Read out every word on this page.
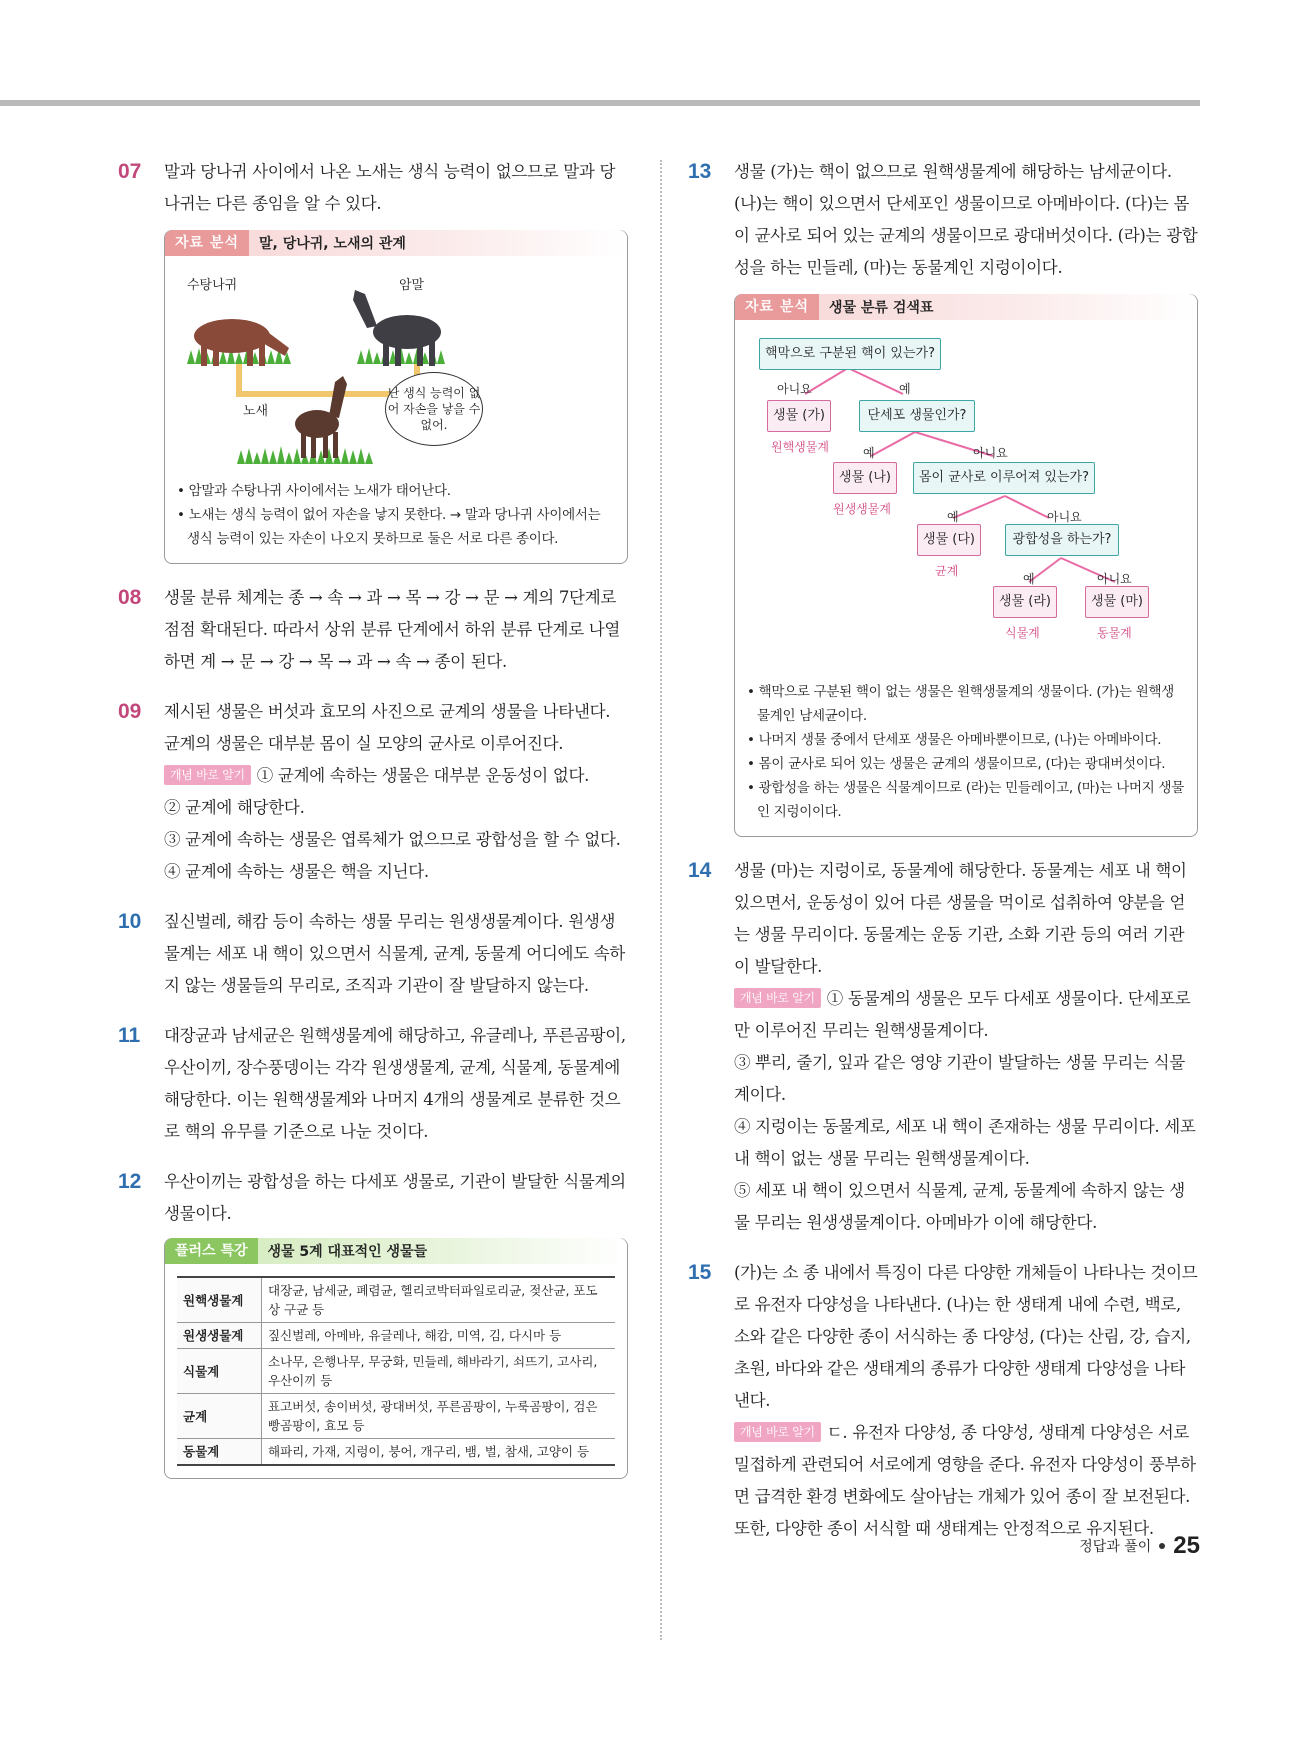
07 말과 당나귀 사이에서 나온 노새는 생식 능력이 없으므로 말과 당나귀는 다른 종임을 알 수 있다.
자료 분석	말, 당나귀, 노새의 관계
수탕나귀	암말
노새
난 생식 능력이 없어 자손을 낳을 수 없어.
• 암말과 수탕나귀 사이에서는 노새가 태어난다.
• 노새는 생식 능력이 없어 자손을 낳지 못한다. → 말과 당나귀 사이에서는 생식 능력이 있는 자손이 나오지 못하므로 둘은 서로 다른 종이다.
08 생물 분류 체계는 종 → 속 → 과 → 목 → 강 → 문 → 계의 7단계로 점점 확대된다. 따라서 상위 분류 단계에서 하위 분류 단계로 나열하면 계 → 문 → 강 → 목 → 과 → 속 → 종이 된다.
09 제시된 생물은 버섯과 효모의 사진으로 균계의 생물을 나타낸다. 균계의 생물은 대부분 몸이 실 모양의 균사로 이루어진다.
개념 바로 알기 ① 균계에 속하는 생물은 대부분 운동성이 없다.
② 균계에 해당한다.
③ 균계에 속하는 생물은 엽록체가 없으므로 광합성을 할 수 없다.
④ 균계에 속하는 생물은 핵을 지닌다.
10 짚신벌레, 해캄 등이 속하는 생물 무리는 원생생물계이다. 원생생물계는 세포 내 핵이 있으면서 식물계, 균계, 동물계 어디에도 속하지 않는 생물들의 무리로, 조직과 기관이 잘 발달하지 않는다.
11 대장균과 남세균은 원핵생물계에 해당하고, 유글레나, 푸른곰팡이, 우산이끼, 장수풍뎅이는 각각 원생생물계, 균계, 식물계, 동물계에 해당한다. 이는 원핵생물계와 나머지 4개의 생물계로 분류한 것으로 핵의 유무를 기준으로 나눈 것이다.
12 우산이끼는 광합성을 하는 다세포 생물로, 기관이 발달한 식물계의 생물이다.
플러스 특강	생물 5계 대표적인 생물들
원핵생물계	대장균, 남세균, 폐렴균, 헬리코박터파일로리균, 젖산균, 포도상 구균 등
원생생물계	짚신벌레, 아메바, 유글레나, 해캄, 미역, 김, 다시마 등
식물계	소나무, 은행나무, 무궁화, 민들레, 해바라기, 쇠뜨기, 고사리, 우산이끼 등
균계	표고버섯, 송이버섯, 광대버섯, 푸른곰팡이, 누룩곰팡이, 검은빵곰팡이, 효모 등
동물계	해파리, 가재, 지렁이, 붕어, 개구리, 뱀, 벌, 참새, 고양이 등
13 생물 (가)는 핵이 없으므로 원핵생물계에 해당하는 남세균이다. (나)는 핵이 있으면서 단세포인 생물이므로 아메바이다. (다)는 몸이 균사로 되어 있는 균계의 생물이므로 광대버섯이다. (라)는 광합성을 하는 민들레, (마)는 동물계인 지렁이이다.
자료 분석	생물 분류 검색표
핵막으로 구분된 핵이 있는가?
아니요	예
생물 (가)
원핵생물계
단세포 생물인가?
예	아니요
생물 (나)
원생생물계
몸이 균사로 이루어져 있는가?
예	아니요
생물 (다)
균계
광합성을 하는가?
예	아니요
생물 (라)
식물계
생물 (마)
동물계
• 핵막으로 구분된 핵이 없는 생물은 원핵생물계의 생물이다. (가)는 원핵생물계인 남세균이다.
• 나머지 생물 중에서 단세포 생물은 아메바뿐이므로, (나)는 아메바이다.
• 몸이 균사로 되어 있는 생물은 균계의 생물이므로, (다)는 광대버섯이다.
• 광합성을 하는 생물은 식물계이므로 (라)는 민들레이고, (마)는 나머지 생물인 지렁이이다.
14 생물 (마)는 지렁이로, 동물계에 해당한다. 동물계는 세포 내 핵이 있으면서, 운동성이 있어 다른 생물을 먹이로 섭취하여 양분을 얻는 생물 무리이다. 동물계는 운동 기관, 소화 기관 등의 여러 기관이 발달한다.
개념 바로 알기 ① 동물계의 생물은 모두 다세포 생물이다. 단세포로만 이루어진 무리는 원핵생물계이다.
③ 뿌리, 줄기, 잎과 같은 영양 기관이 발달하는 생물 무리는 식물계이다.
④ 지렁이는 동물계로, 세포 내 핵이 존재하는 생물 무리이다. 세포 내 핵이 없는 생물 무리는 원핵생물계이다.
⑤ 세포 내 핵이 있으면서 식물계, 균계, 동물계에 속하지 않는 생물 무리는 원생생물계이다. 아메바가 이에 해당한다.
15 (가)는 소 종 내에서 특징이 다른 다양한 개체들이 나타나는 것이므로 유전자 다양성을 나타낸다. (나)는 한 생태계 내에 수련, 백로, 소와 같은 다양한 종이 서식하는 종 다양성, (다)는 산림, 강, 습지, 초원, 바다와 같은 생태계의 종류가 다양한 생태계 다양성을 나타낸다.
개념 바로 알기 ㄷ. 유전자 다양성, 종 다양성, 생태계 다양성은 서로 밀접하게 관련되어 서로에게 영향을 준다. 유전자 다양성이 풍부하면 급격한 환경 변화에도 살아남는 개체가 있어 종이 잘 보전된다. 또한, 다양한 종이 서식할 때 생태계는 안정적으로 유지된다.
정답과 풀이 25
